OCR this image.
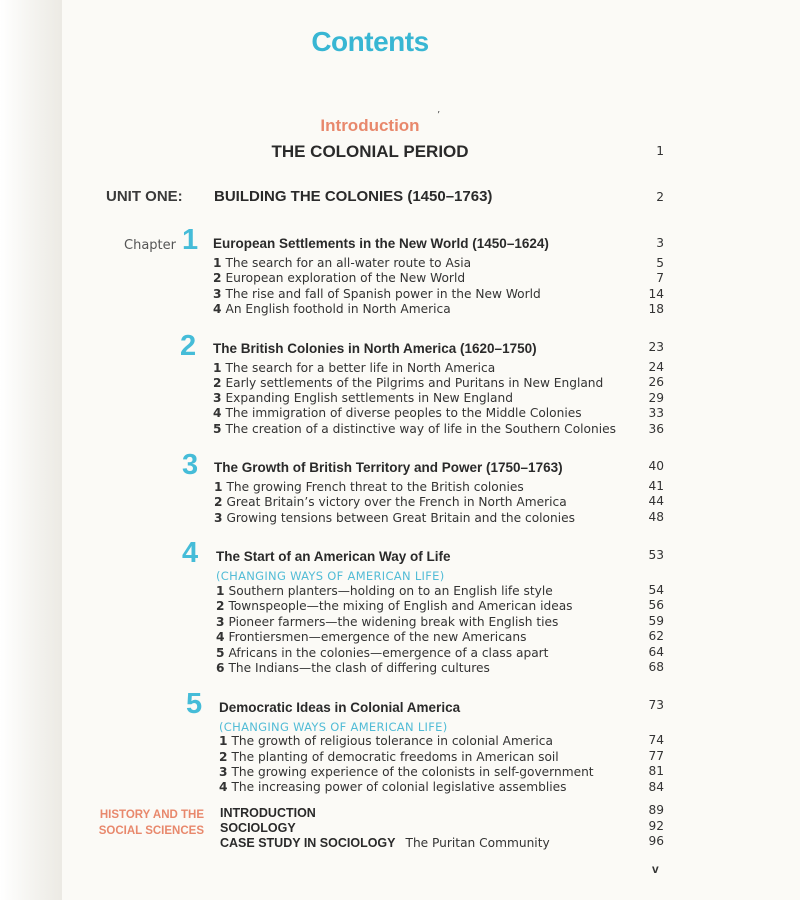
Contents
Introduction
’
THE COLONIAL PERIOD	1
UNIT ONE: BUILDING THE COLONIES (1450–1763)	2
Chapter 1 European Settlements in the New World (1450–1624)	3
1 The search for an all-water route to Asia	5
2 European exploration of the New World	7
3 The rise and fall of Spanish power in the New World	14
4 An English foothold in North America	18
2 The British Colonies in North America (1620–1750)	23
1 The search for a better life in North America	24
2 Early settlements of the Pilgrims and Puritans in New England	26
3 Expanding English settlements in New England	29
4 The immigration of diverse peoples to the Middle Colonies	33
5 The creation of a distinctive way of life in the Southern Colonies	36
3 The Growth of British Territory and Power (1750–1763)	40
1 The growing French threat to the British colonies	41
2 Great Britain’s victory over the French in North America	44
3 Growing tensions between Great Britain and the colonies	48
4 The Start of an American Way of Life	53
(CHANGING WAYS OF AMERICAN LIFE)
1 Southern planters—holding on to an English life style	54
2 Townspeople—the mixing of English and American ideas	56
3 Pioneer farmers—the widening break with English ties	59
4 Frontiersmen—emergence of the new Americans	62
5 Africans in the colonies—emergence of a class apart	64
6 The Indians—the clash of differing cultures	68
5 Democratic Ideas in Colonial America	73
(CHANGING WAYS OF AMERICAN LIFE)
1 The growth of religious tolerance in colonial America	74
2 The planting of democratic freedoms in American soil	77
3 The growing experience of the colonists in self-government	81
4 The increasing power of colonial legislative assemblies	84
HISTORY AND THE
SOCIAL SCIENCES
INTRODUCTION	89
SOCIOLOGY	92
CASE STUDY IN SOCIOLOGY The Puritan Community	96
v
